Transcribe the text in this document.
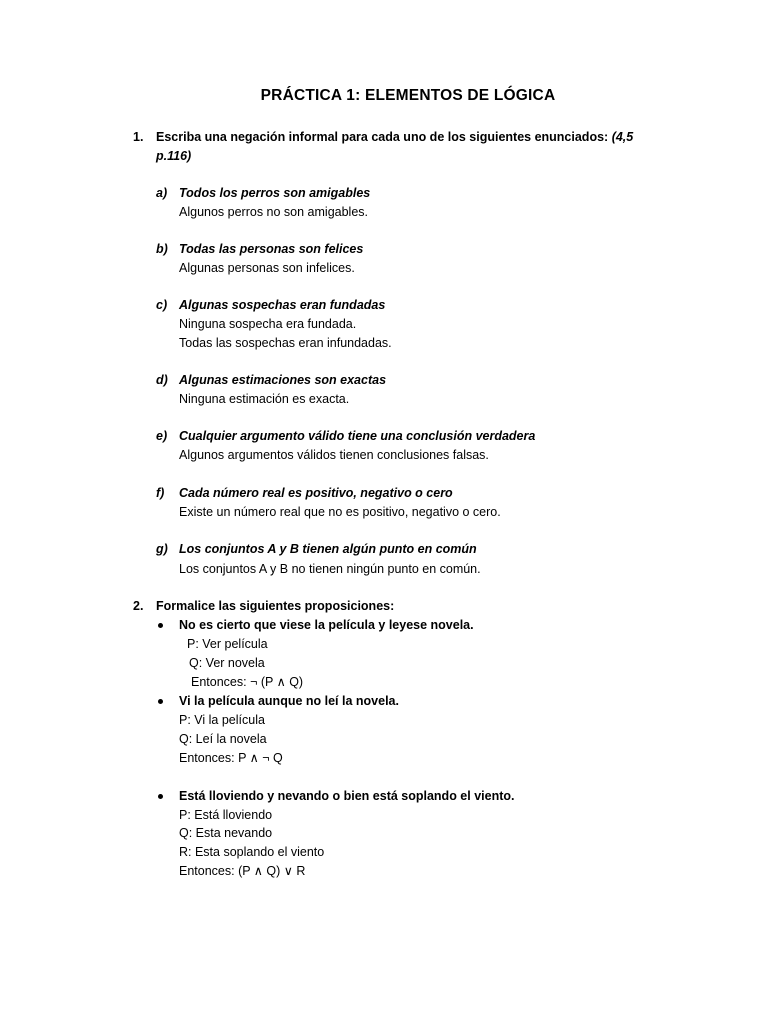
PRÁCTICA 1: ELEMENTOS DE LÓGICA
1. Escriba una negación informal para cada uno de los siguientes enunciados: (4,5
p.116)
a) Todos los perros son amigables
Algunos perros no son amigables.
b) Todas las personas son felices
Algunas personas son infelices.
c) Algunas sospechas eran fundadas
Ninguna sospecha era fundada.
Todas las sospechas eran infundadas.
d) Algunas estimaciones son exactas
Ninguna estimación es exacta.
e) Cualquier argumento válido tiene una conclusión verdadera
Algunos argumentos válidos tienen conclusiones falsas.
f) Cada número real es positivo, negativo o cero
Existe un número real que no es positivo, negativo o cero.
g) Los conjuntos A y B tienen algún punto en común
Los conjuntos A y B no tienen ningún punto en común.
2. Formalice las siguientes proposiciones:
No es cierto que viese la película y leyese novela.
P: Ver película
Q: Ver novela
Entonces: ¬ (P ∧ Q)
Vi la película aunque no leí la novela.
P: Vi la película
Q: Leí la novela
Entonces: P ∧ ¬ Q
Está lloviendo y nevando o bien está soplando el viento.
P: Está lloviendo
Q: Esta nevando
R: Esta soplando el viento
Entonces: (P ∧ Q) ∨ R
